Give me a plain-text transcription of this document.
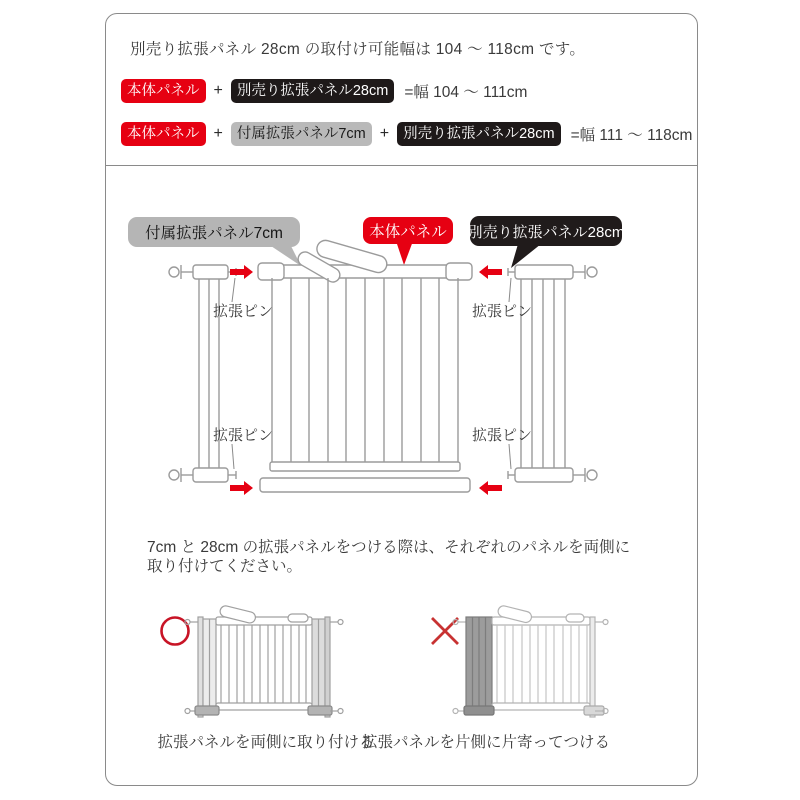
別売り拡張パネル 28cm の取付け可能幅は 104 〜 118cm です。
本体パネル + 別売り拡張パネル28cm	=幅 104 〜 111cm
本体パネル + 付属拡張パネル7cm + 別売り拡張パネル28cm	=幅 111 〜 118cm
付属拡張パネル7cm	本体パネル 別売り拡張パネル28cm
拡張ピン	拡張ピン
拡張ピン	拡張ピン
7cm と 28cm の拡張パネルをつける際は、それぞれのパネルを両側に
取り付けてください。
拡張パネルを両側に取り付ける
拡張パネルを片側に片寄ってつける
